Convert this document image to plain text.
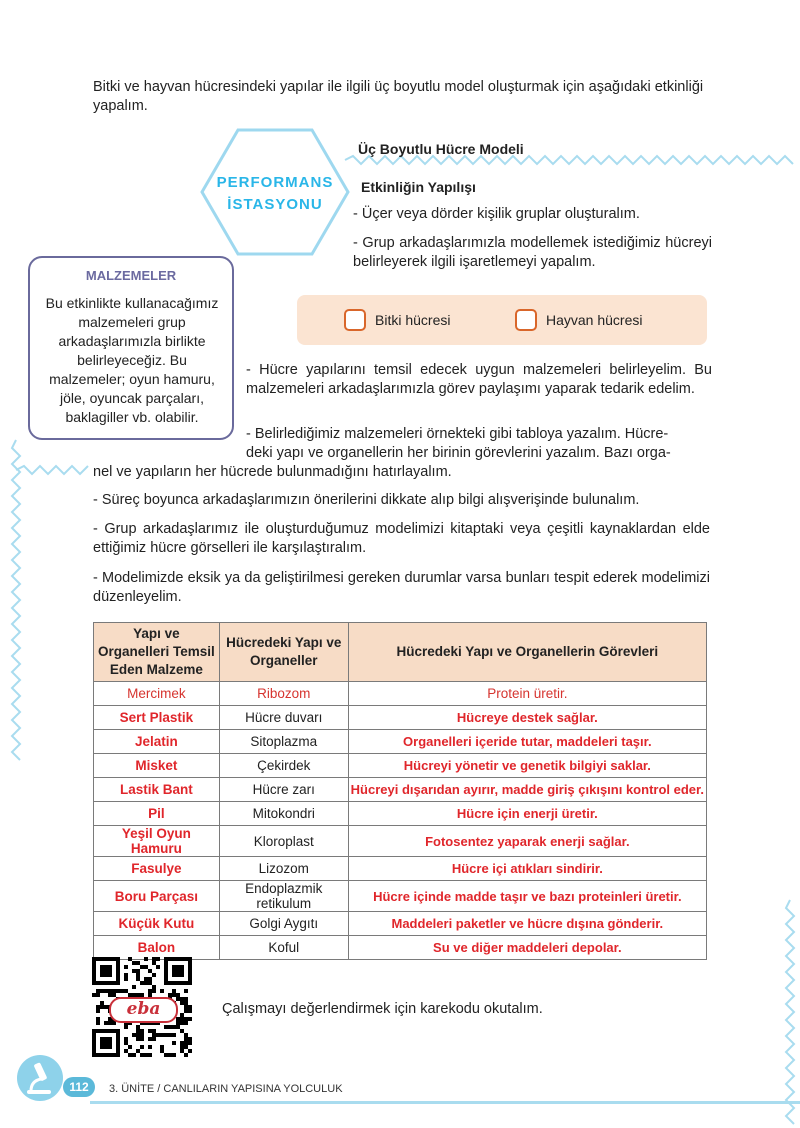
Bitki ve hayvan hücresindeki yapılar ile ilgili üç boyutlu model oluşturmak için aşağıdaki etkinliği yapalım.
PERFORMANS
İSTASYONU
Üç Boyutlu Hücre Modeli
Etkinliğin Yapılışı
- Üçer veya dörder kişilik gruplar oluşturalım.
- Grup arkadaşlarımızla modellemek istediğimiz hücreyi belirleyerek ilgili işaretlemeyi yapalım.
MALZEMELER
Bu etkinlikte kullanacağımız malzemeleri grup arkadaşlarımızla birlikte belirleyeceğiz. Bu malzemeler; oyun hamuru, jöle, oyuncak parçaları, baklagiller vb. olabilir.
Bitki hücresi	Hayvan hücresi
- Hücre yapılarını temsil edecek uygun malzemeleri belirleyelim. Bu malzemeleri arkadaşlarımızla görev paylaşımı yaparak tedarik edelim.
- Belirlediğimiz malzemeleri örnekteki gibi tabloya yazalım. Hücre-
deki yapı ve organellerin her birinin görevlerini yazalım. Bazı orga-
nel ve yapıların her hücrede bulunmadığını hatırlayalım.
- Süreç boyunca arkadaşlarımızın önerilerini dikkate alıp bilgi alışverişinde bulunalım.
- Grup arkadaşlarımız ile oluşturduğumuz modelimizi kitaptaki veya çeşitli kaynaklardan elde ettiğimiz hücre görselleri ile karşılaştıralım.
- Modelimizde eksik ya da geliştirilmesi gereken durumlar varsa bunları tespit ederek modelimizi düzenleyelim.
Yapı ve Organelleri Temsil Eden Malzeme	Hücredeki Yapı ve Organeller	Hücredeki Yapı ve Organellerin Görevleri
Mercimek	Ribozom	Protein üretir.
Sert Plastik	Hücre duvarı	Hücreye destek sağlar.
Jelatin	Sitoplazma	Organelleri içeride tutar, maddeleri taşır.
Misket	Çekirdek	Hücreyi yönetir ve genetik bilgiyi saklar.
Lastik Bant	Hücre zarı	Hücreyi dışarıdan ayırır, madde giriş çıkışını kontrol eder.
Pil	Mitokondri	Hücre için enerji üretir.
Yeşil Oyun Hamuru	Kloroplast	Fotosentez yaparak enerji sağlar.
Fasulye	Lizozom	Hücre içi atıkları sindirir.
Boru Parçası	Endoplazmik retikulum	Hücre içinde madde taşır ve bazı proteinleri üretir.
Küçük Kutu	Golgi Aygıtı	Maddeleri paketler ve hücre dışına gönderir.
Balon	Koful	Su ve diğer maddeleri depolar.
eba	Çalışmayı değerlendirmek için karekodu okutalım.
112	3. ÜNİTE / CANLILARIN YAPISINA YOLCULUK
